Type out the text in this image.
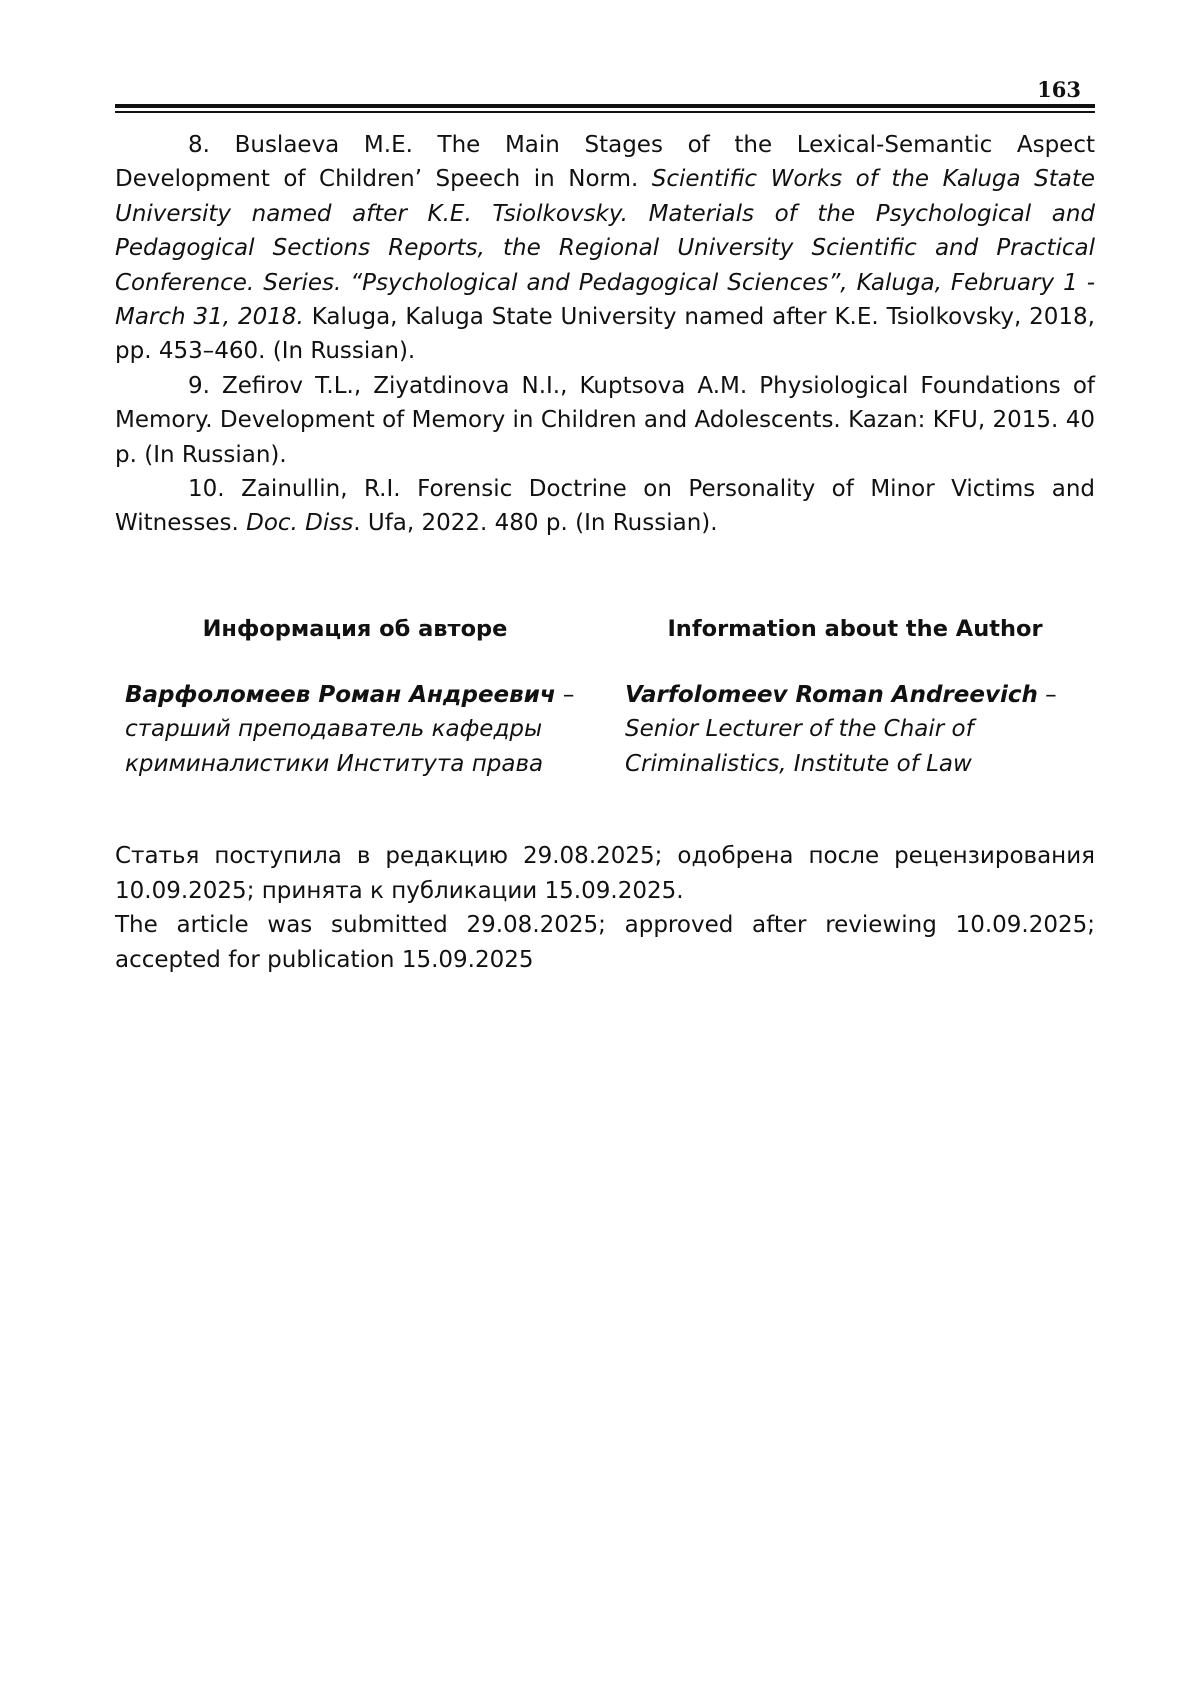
163
8. Buslaeva M.E. The Main Stages of the Lexical-Semantic Aspect Development of Children’ Speech in Norm. Scientific Works of the Kaluga State University named after K.E. Tsiolkovsky. Materials of the Psychological and Pedagogical Sections Reports, the Regional University Scientific and Practical Conference. Series. “Psychological and Pedagogical Sciences”, Kaluga, February 1 - March 31, 2018. Kaluga, Kaluga State University named after K.E. Tsiolkovsky, 2018, pp. 453–460. (In Russian).
9. Zefirov T.L., Ziyatdinova N.I., Kuptsova A.M. Physiological Foundations of Memory. Development of Memory in Children and Adolescents. Kazan: KFU, 2015. 40 p. (In Russian).
10. Zainullin, R.I. Forensic Doctrine on Personality of Minor Victims and Witnesses. Doc. Diss. Ufa, 2022. 480 p. (In Russian).
Информация об авторе
Варфоломеев Роман Андреевич –
старший преподаватель кафедры криминалистики Института права
Information about the Author
Varfolomeev Roman Andreevich –
Senior Lecturer of the Chair of Criminalistics, Institute of Law

Статья поступила в редакцию 29.08.2025; одобрена после рецензирования 10.09.2025; принята к публикации 15.09.2025.

The article was submitted 29.08.2025; approved after reviewing 10.09.2025; accepted for publication 15.09.2025
